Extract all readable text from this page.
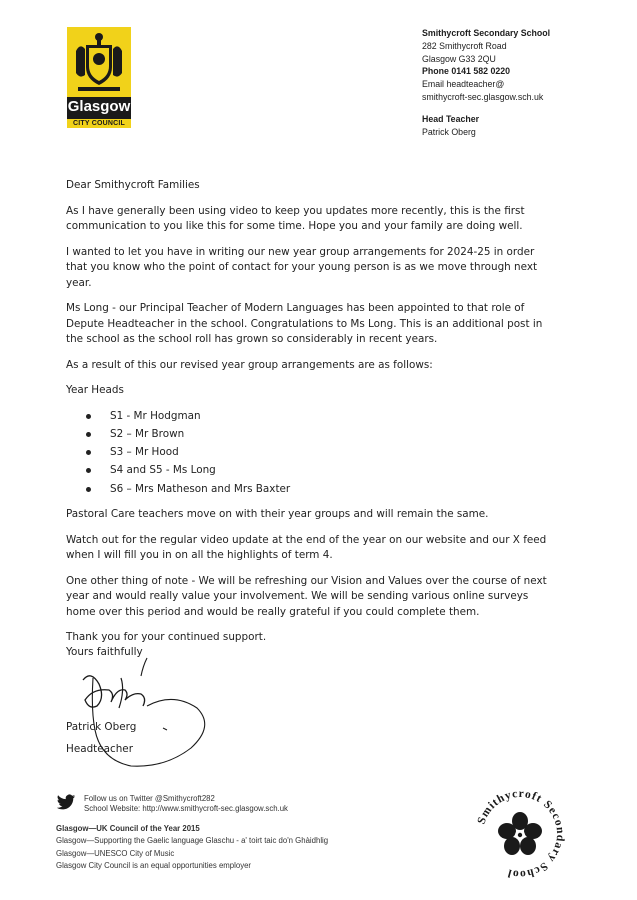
Glasgow
CITY COUNCIL
Smithycroft Secondary School
282 Smithycroft Road
Glasgow G33 2QU
Phone 0141 582 0220
Email headteacher@
smithycroft-sec.glasgow.sch.uk
Head Teacher
Patrick Oberg

Dear Smithycroft Families

As I have generally been using video to keep you updates more recently, this is the first communication to you like this for some time. Hope you and your family are doing well.

I wanted to let you have in writing our new year group arrangements for 2024-25 in order that you know who the point of contact for your young person is as we move through next year.

Ms Long - our Principal Teacher of Modern Languages has been appointed to that role of Depute Headteacher in the school. Congratulations to Ms Long. This is an additional post in the school as the school roll has grown so considerably in recent years.

As a result of this our revised year group arrangements are as follows:

Year Heads

S1 - Mr Hodgman
S2 – Mr Brown
S3 – Mr Hood
S4 and S5 - Ms Long
S6 – Mrs Matheson and Mrs Baxter

Pastoral Care teachers move on with their year groups and will remain the same.

Watch out for the regular video update at the end of the year on our website and our X feed when I will fill you in on all the highlights of term 4.

One other thing of note - We will be refreshing our Vision and Values over the course of next year and would really value your involvement. We will be sending various online surveys home over this period and would be really grateful if you could complete them.

Thank you for your continued support.

Yours faithfully
Patrick Oberg
Headteacher
Follow us on Twitter @Smithycroft282
School Website: http://www.smithycroft-sec.glasgow.sch.uk
Glasgow—UK Council of the Year 2015
Glasgow—Supporting the Gaelic language Glaschu - a' toirt taic do'n Ghàidhlig
Glasgow—UNESCO City of Music
Glasgow City Council is an equal opportunities employer
Smithycroft Secondary School
